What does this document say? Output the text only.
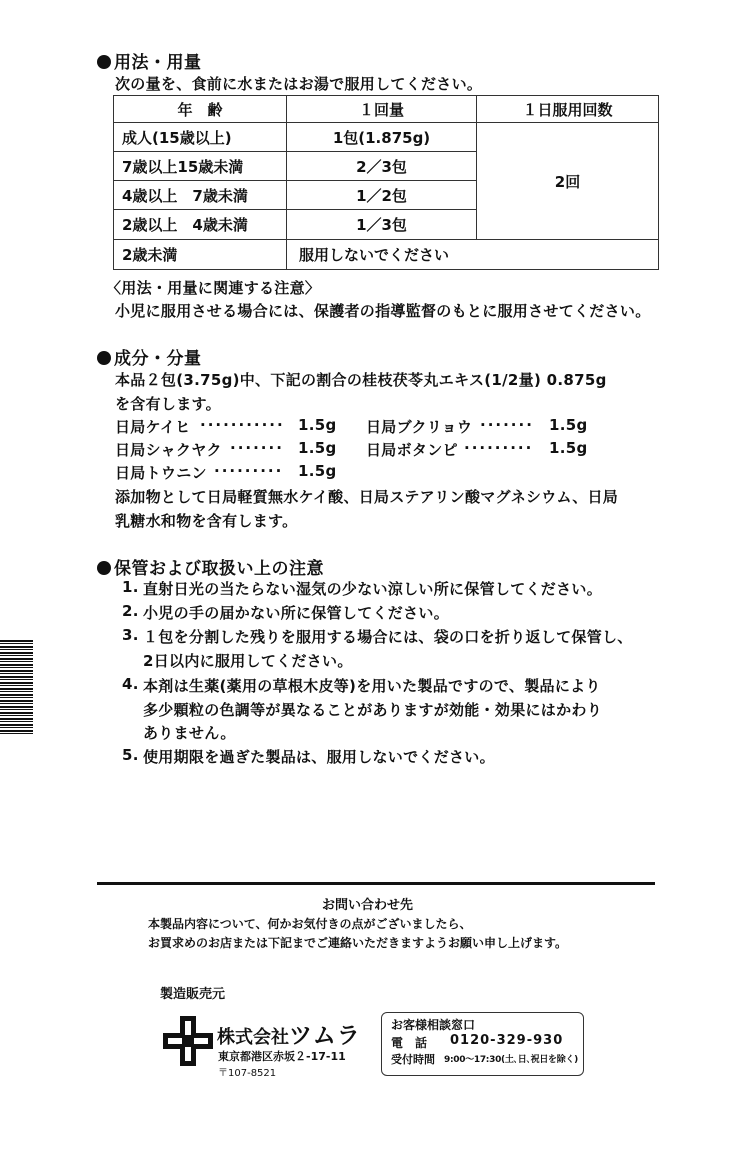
用法・用量
次の量を、食前に水またはお湯で服用してください。
年　齢	１回量	１日服用回数
成人(15歳以上)	1包(1.875g)	2回
7歳以上15歳未満	2／3包	
4歳以上　7歳未満	1／2包	
2歳以上　4歳未満	1／3包	
2歳未満	服用しないでください	
〈用法・用量に関連する注意〉
小児に服用させる場合には、保護者の指導監督のもとに服用させてください。
成分・分量
本品２包(3.75g)中、下記の割合の桂枝茯苓丸エキス(1/2量) 0.875g
を含有します。
日局ケイヒ ··········· 1.5g 日局ブクリョウ ······· 1.5g
日局シャクヤク ······· 1.5g 日局ボタンピ ········· 1.5g
日局トウニン ········· 1.5g
添加物として日局軽質無水ケイ酸、日局ステアリン酸マグネシウム、日局
乳糖水和物を含有します。
保管および取扱い上の注意
1. 直射日光の当たらない湿気の少ない涼しい所に保管してください。
2. 小児の手の届かない所に保管してください。
3. １包を分割した残りを服用する場合には、袋の口を折り返して保管し、
2日以内に服用してください。
4. 本剤は生薬(薬用の草根木皮等)を用いた製品ですので、製品により
多少顆粒の色調等が異なることがありますが効能・効果にはかわり
ありません。
5. 使用期限を過ぎた製品は、服用しないでください。
お問い合わせ先
本製品内容について、何かお気付きの点がございましたら、
お買求めのお店または下記までご連絡いただきますようお願い申し上げます。
製造販売元
株式会社ツムラ
東京都港区赤坂２-17-11
〒107-8521
お客様相談窓口
電　話 0120-329-930
受付時間 9:00〜17:30(土､日､祝日を除く)
